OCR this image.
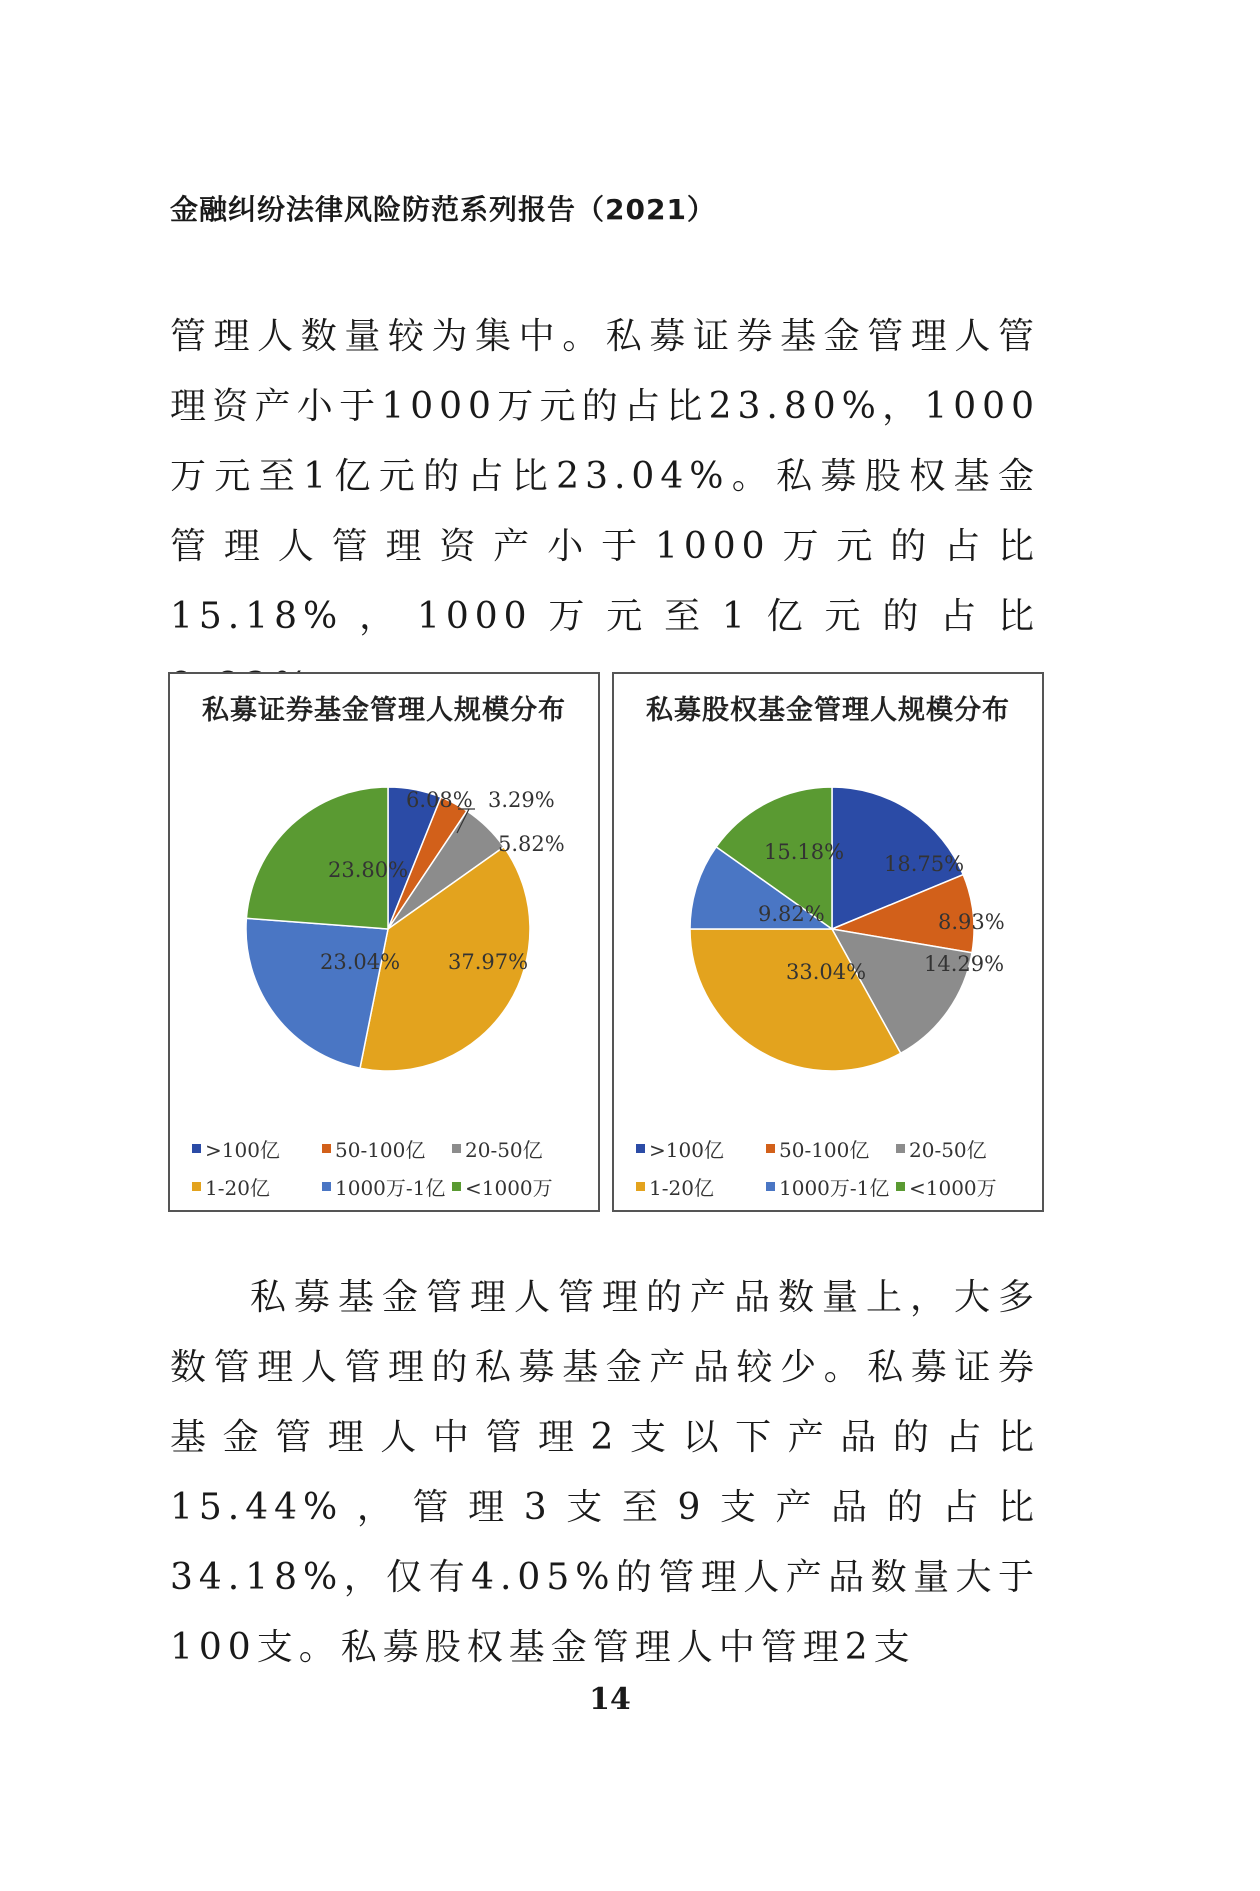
金融纠纷法律风险防范系列报告（2021）
管理人数量较为集中。私募证券基金管理人管理资产小于1000万元的占比23.80%，1000万元至1亿元的占比23.04%。私募股权基金管理人管理资产小于1000万元的占比15.18%，1000万元至1亿元的占比
私募证券基金管理人规模分布
6.08% 3.29%
5.82%
37.97%
23.04%
23.80%
>100亿	50-100亿 20-50亿
1-20亿	1000万-1亿 <1000万
私募股权基金管理人规模分布
18.75%
8.93%
14.29%
33.04%
9.82%
15.18%
>100亿	50-100亿 20-50亿
1-20亿	1000万-1亿 <1000万
私募基金管理人管理的产品数量上，大多数管理人管理的私募基金产品较少。私募证券基金管理人中管理2支以下产品的占比15.44%，管理3支至9支产品的占比34.18%，仅有4.05%的管理人产品数量大于100支。私募股权基金管理人中管理2支
14
